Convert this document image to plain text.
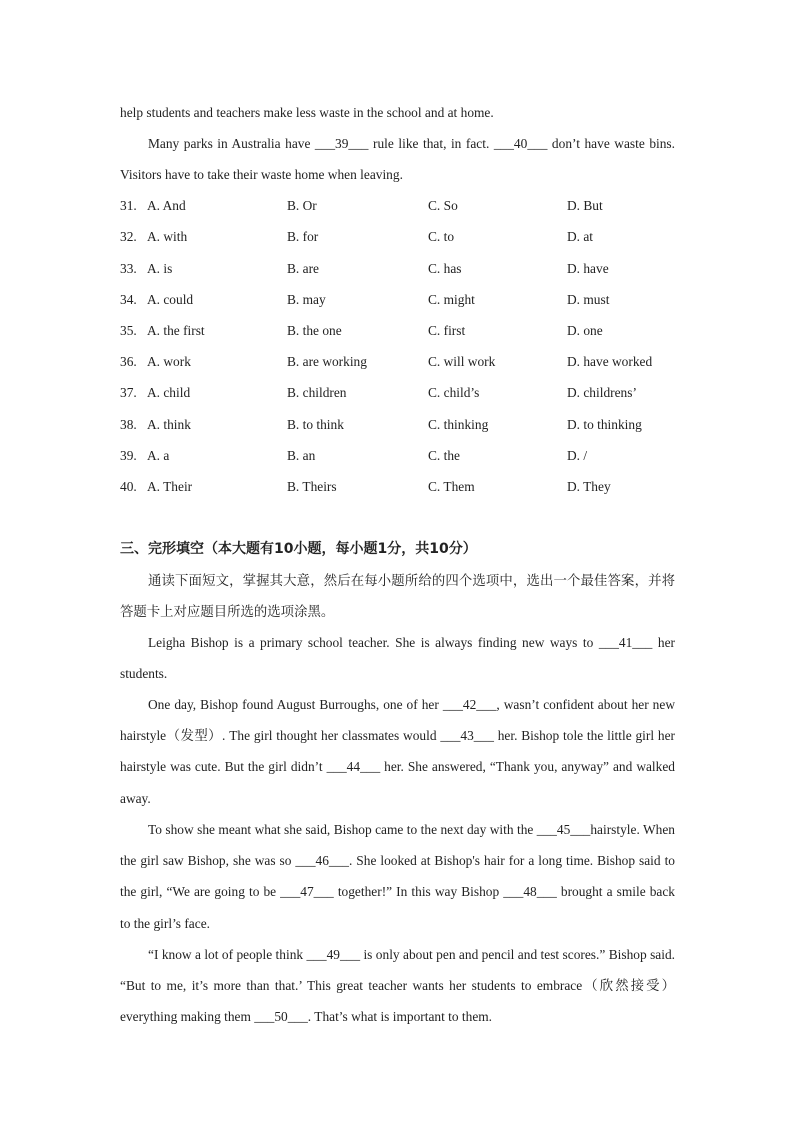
help students and teachers make less waste in the school and at home.
Many parks in Australia have ___39___ rule like that, in fact. ___40___ don’t have waste bins. Visitors have to take their waste home when leaving.
31. A. And	B. Or	C. So	D. But
32. A. with	B. for	C. to	D. at
33. A. is	B. are	C. has	D. have
34. A. could	B. may	C. might	D. must
35. A. the first	B. the one	C. first	D. one
36. A. work	B. are working	C. will work	D. have worked
37. A. child	B. children	C. child’s	D. childrens’
38. A. think	B. to think	C. thinking	D. to thinking
39. A. a	B. an	C. the	D. /
40. A. Their	B. Theirs	C. Them	D. They
三、完形填空（本大题有10小题，每小题1分，共10分）
通读下面短文，掌握其大意，然后在每小题所给的四个选项中，选出一个最佳答案，并将答题卡上对应题目所选的选项涂黑。
Leigha Bishop is a primary school teacher. She is always finding new ways to ___41___ her students.
One day, Bishop found August Burroughs, one of her ___42___, wasn’t confident about her new hairstyle（发型）. The girl thought her classmates would ___43___ her. Bishop tole the little girl her hairstyle was cute. But the girl didn’t ___44___ her. She answered, “Thank you, anyway” and walked away.
To show she meant what she said, Bishop came to the next day with the ___45___hairstyle. When the girl saw Bishop, she was so ___46___. She looked at Bishop's hair for a long time. Bishop said to the girl, “We are going to be ___47___ together!” In this way Bishop ___48___ brought a smile back to the girl’s face.
“I know a lot of people think ___49___ is only about pen and pencil and test scores.” Bishop said. “But to me, it’s more than that.’ This great teacher wants her students to embrace（欣然接受）everything making them ___50___. That’s what is important to them.
